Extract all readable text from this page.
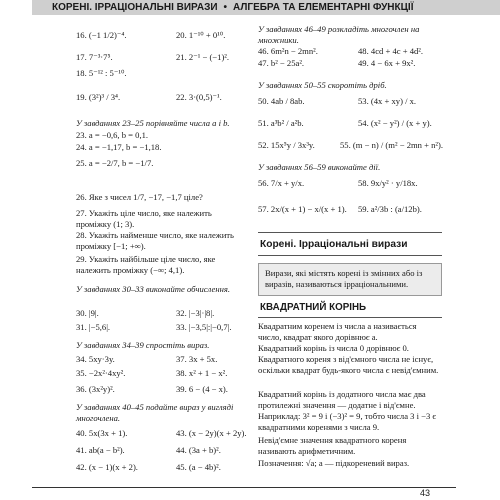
КОРЕНІ. ІРРАЦІОНАЛЬНІ ВИРАЗИ • АЛГЕБРА ТА ЕЛЕМЕНТАРНІ ФУНКЦІЇ
16. (−1 1/2)⁻⁴.	20. 1⁻¹⁰ + 0¹⁰.
17. 7⁻³·7⁵.	21. 2⁻¹ − (−1)².
18. 5⁻¹² : 5⁻¹⁰.
19. (3²)³ / 3⁴.	22. 3·(0,5)⁻¹.
У завданнях 23–25 порівняйте числа a і b.
23. a = −0,6, b = 0,1.
24. a = −1,17, b = −1,18.
25. a = −2/7, b = −1/7.
26. Яке з чисел 1/7, −17, −1,7 ціле?
27. Укажіть ціле число, яке належить проміжку (1; 3).
28. Укажіть найменше число, яке належить проміжку [−1; +∞).
29. Укажіть найбільше ціле число, яке належить проміжку (−∞; 4,1).
У завданнях 30–33 виконайте обчислення.
30. |9|.	32. |−3|·|8|.
31. |−5,6|.	33. |−3,5|:|−0,7|.
У завданнях 34–39 спростіть вираз.
34. 5xy·3y.	37. 3x + 5x.
35. −2x²·4xy².	38. x² + 1 − x².
36. (3x²y)².	39. 6 − (4 − x).
У завданнях 40–45 подайте вираз у вигляді многочлена.
40. 5x(3x + 1).	43. (x − 2y)(x + 2y).
41. ab(a − b²).	44. (3a + b)².
42. (x − 1)(x + 2).	45. (a − 4b)².
У завданнях 46–49 розкладіть многочлен на множники.
46. 6m²n − 2mn².	48. 4cd + 4c + 4d².
47. b² − 25a².	49. 4 − 6x + 9x².
У завданнях 50–55 скоротіть дріб.
50. 4ab / 8ab.	53. (4x + xy) / x.
51. a³b² / a²b.	54. (x² − y²) / (x + y).
52. 15x⁵y / 3x³y.	55. (m − n) / (m² − 2mn + n²).
У завданнях 56–59 виконайте дії.
56. 7/x + y/x.	58. 9x/y² · y/18x.
57. 2x/(x + 1) − x/(x + 1). 59. a²/3b : (a/12b).
Корені. Ірраціональні вирази
Вирази, які містять корені із змінних або із виразів, називаються ірраціональними.
КВАДРАТНИЙ КОРІНЬ
Квадратним коренем із числа a називається число, квадрат якого дорівнює a.
Квадратний корінь із числа 0 дорівнює 0.
Квадратного кореня з від'ємного числа не існує, оскільки квадрат будь-якого числа є невід'ємним.
Квадратний корінь із додатного числа має два протилежні значення — додатне і від'ємне. Наприклад: 3² = 9 і (−3)² = 9, тобто числа 3 і −3 є квадратними коренями з числа 9.
Невід'ємне значення квадратного кореня називають арифметичним.
Позначення: √a; a — підкореневий вираз.
43
